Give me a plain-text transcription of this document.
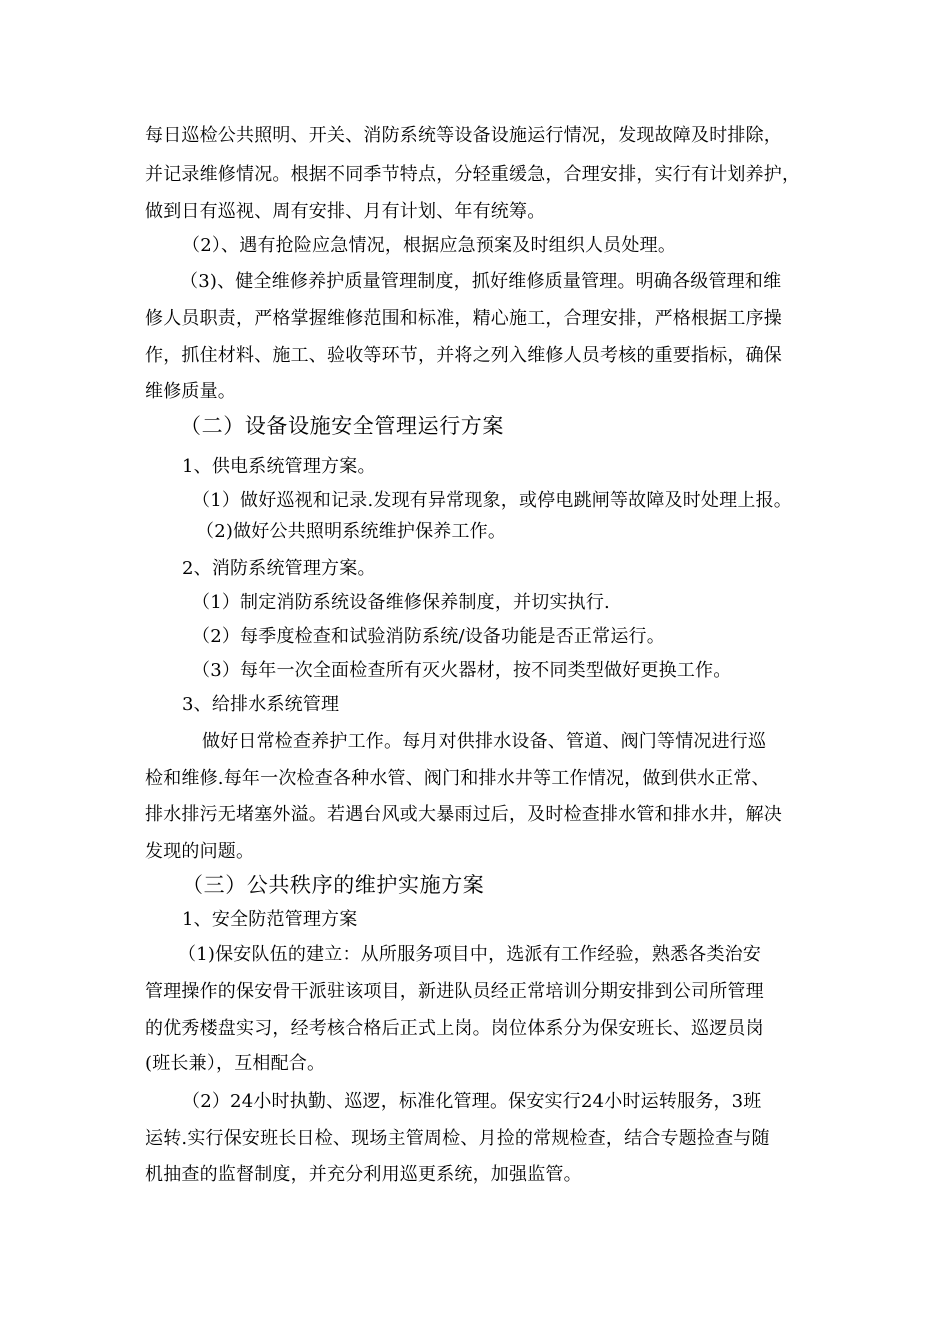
每日巡检公共照明、开关、消防系统等设备设施运行情况，发现故障及时排除，
并记录维修情况。根据不同季节特点，分轻重缓急，合理安排，实行有计划养护，
做到日有巡视、周有安排、月有计划、年有统筹。
（2）、遇有抢险应急情况，根据应急预案及时组织人员处理。
（3)、健全维修养护质量管理制度，抓好维修质量管理。明确各级管理和维
修人员职责，严格掌握维修范围和标准，精心施工，合理安排，严格根据工序操
作，抓住材料、施工、验收等环节，并将之列入维修人员考核的重要指标，确保
维修质量。
（二）设备设施安全管理运行方案
1、供电系统管理方案。
（1）做好巡视和记录.发现有异常现象，或停电跳闸等故障及时处理上报。
（2)做好公共照明系统维护保养工作。
2、消防系统管理方案。
（1）制定消防系统设备维修保养制度，并切实执行.
（2）每季度检查和试验消防系统/设备功能是否正常运行。
（3）每年一次全面检查所有灭火器材，按不同类型做好更换工作。
3、给排水系统管理
做好日常检查养护工作。每月对供排水设备、管道、阀门等情况进行巡
检和维修.每年一次检查各种水管、阀门和排水井等工作情况，做到供水正常、
排水排污无堵塞外溢。若遇台风或大暴雨过后，及时检查排水管和排水井，解决
发现的问题。
（三）公共秩序的维护实施方案
1、安全防范管理方案
（1)保安队伍的建立：从所服务项目中，选派有工作经验，熟悉各类治安
管理操作的保安骨干派驻该项目，新进队员经正常培训分期安排到公司所管理
的优秀楼盘实习，经考核合格后正式上岗。岗位体系分为保安班长、巡逻员岗
(班长兼），互相配合。
（2）24小时执勤、巡逻，标准化管理。保安实行24小时运转服务，3班
运转.实行保安班长日检、现场主管周检、月捡的常规检查，结合专题捡查与随
机抽查的监督制度，并充分利用巡更系统，加强监管。
